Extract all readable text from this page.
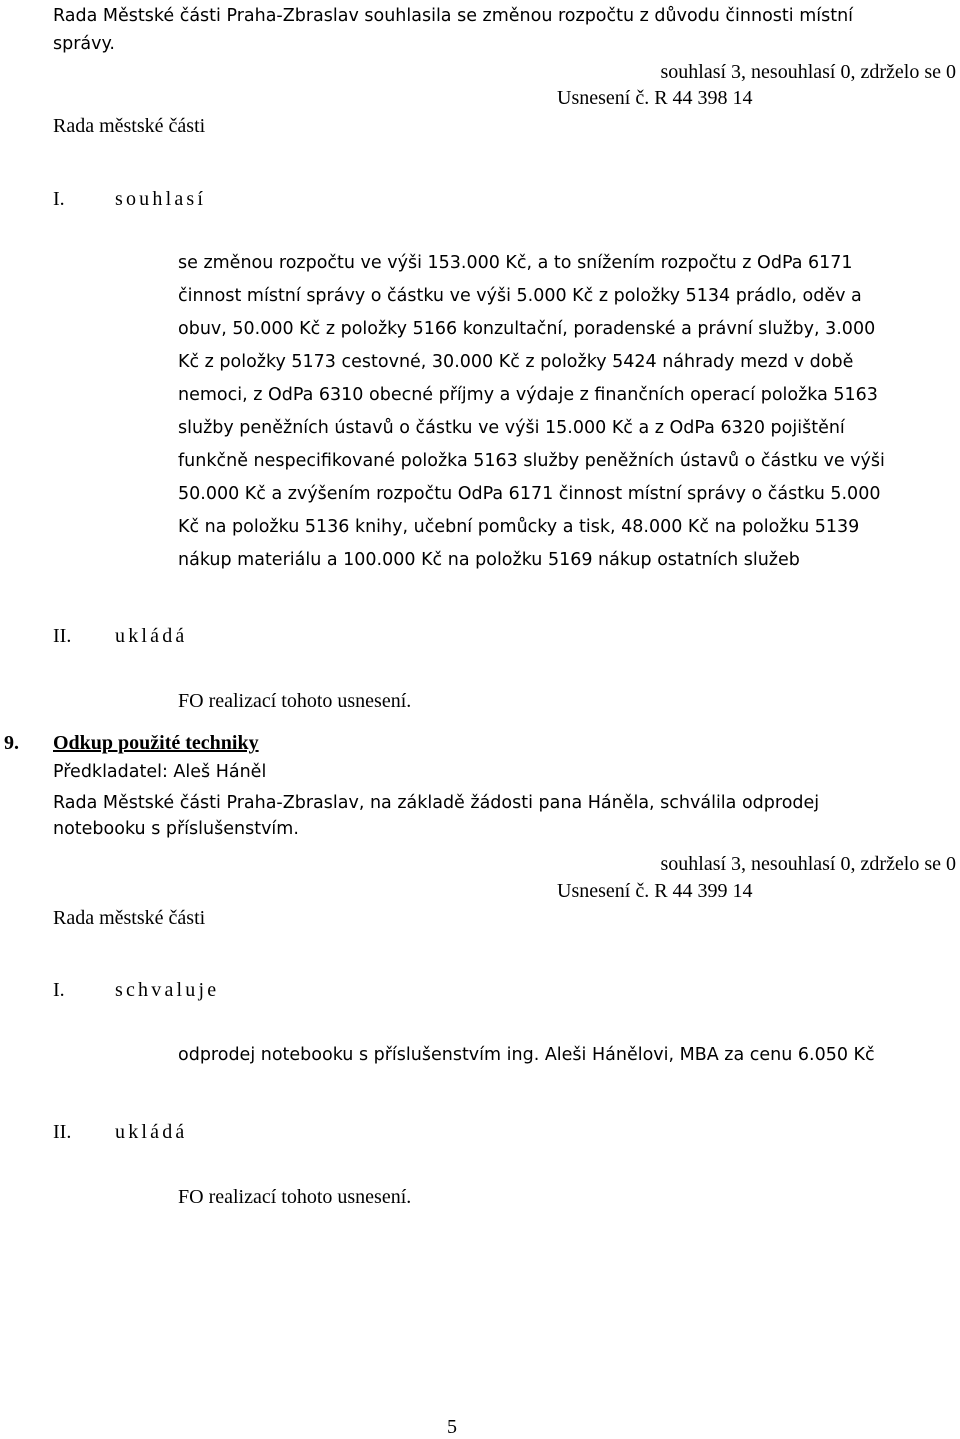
Rada Městské části Praha-Zbraslav souhlasila se změnou rozpočtu z důvodu činnosti místní
správy.
souhlasí 3, nesouhlasí 0, zdrželo se 0
Usnesení č. R 44 398 14
Rada městské části
I.	souhlasí
se změnou rozpočtu ve výši 153.000 Kč, a to snížením rozpočtu z OdPa 6171
činnost místní správy o částku ve výši 5.000 Kč z položky 5134 prádlo, oděv a
obuv, 50.000 Kč z položky 5166 konzultační, poradenské a právní služby, 3.000
Kč z položky 5173 cestovné, 30.000 Kč z položky 5424 náhrady mezd v době
nemoci, z OdPa 6310 obecné příjmy a výdaje z finančních operací položka 5163
služby peněžních ústavů o částku ve výši 15.000 Kč a z OdPa 6320 pojištění
funkčně nespecifikované položka 5163 služby peněžních ústavů o částku ve výši
50.000 Kč a zvýšením rozpočtu OdPa 6171 činnost místní správy o částku 5.000
Kč na položku 5136 knihy, učební pomůcky a tisk, 48.000 Kč na položku 5139
nákup materiálu a 100.000 Kč na položku 5169 nákup ostatních služeb
II. ukládá
FO realizací tohoto usnesení.
9. Odkup použité techniky
Předkladatel: Aleš Háněl
Rada Městské části Praha-Zbraslav, na základě žádosti pana Háněla, schválila odprodej
notebooku s příslušenstvím.
souhlasí 3, nesouhlasí 0, zdrželo se 0
Usnesení č. R 44 399 14
Rada městské části
I.	schvaluje
odprodej notebooku s příslušenstvím ing. Aleši Hánělovi, MBA za cenu 6.050 Kč
II. ukládá
FO realizací tohoto usnesení.
5
